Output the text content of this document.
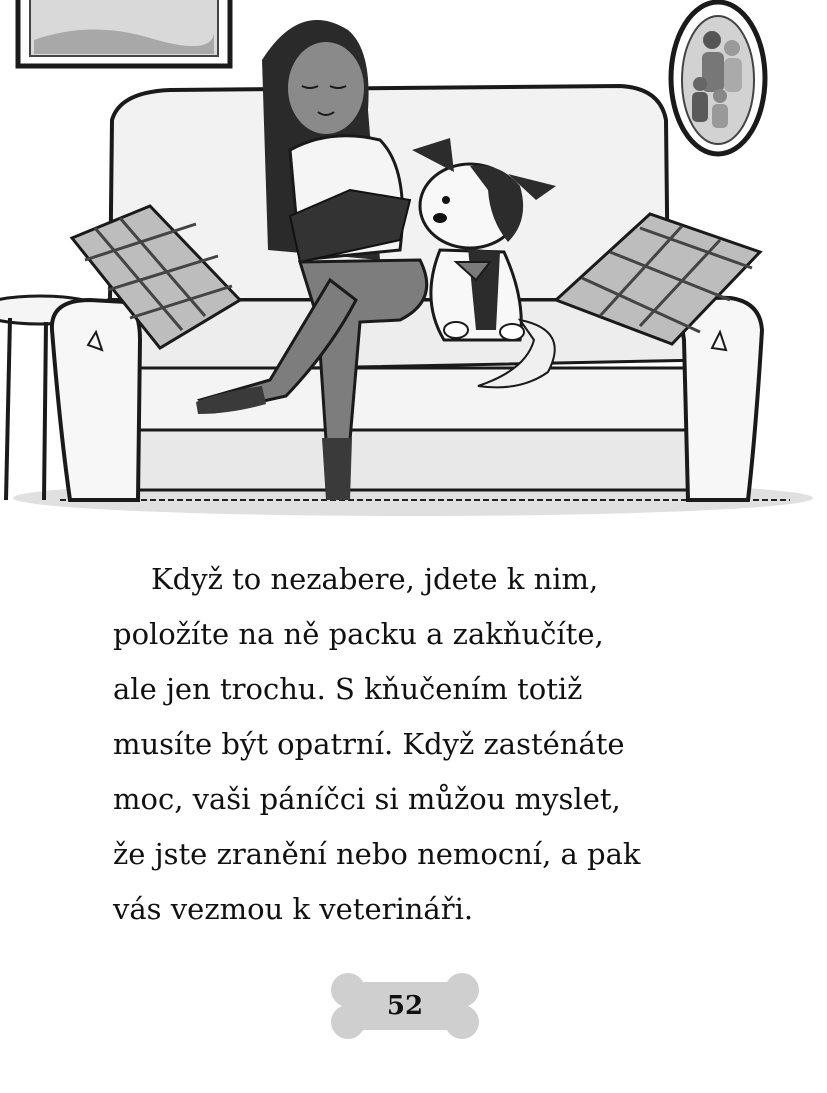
Když to nezabere, jdete k nim,

položíte na ně packu a zakňučíte,

ale jen trochu. S kňučením totiž

musíte být opatrní. Když zasténáte

moc, vaši páníčci si můžou myslet,

že jste zranění nebo nemocní, a pak

vás vezmou k veterináři.

52
